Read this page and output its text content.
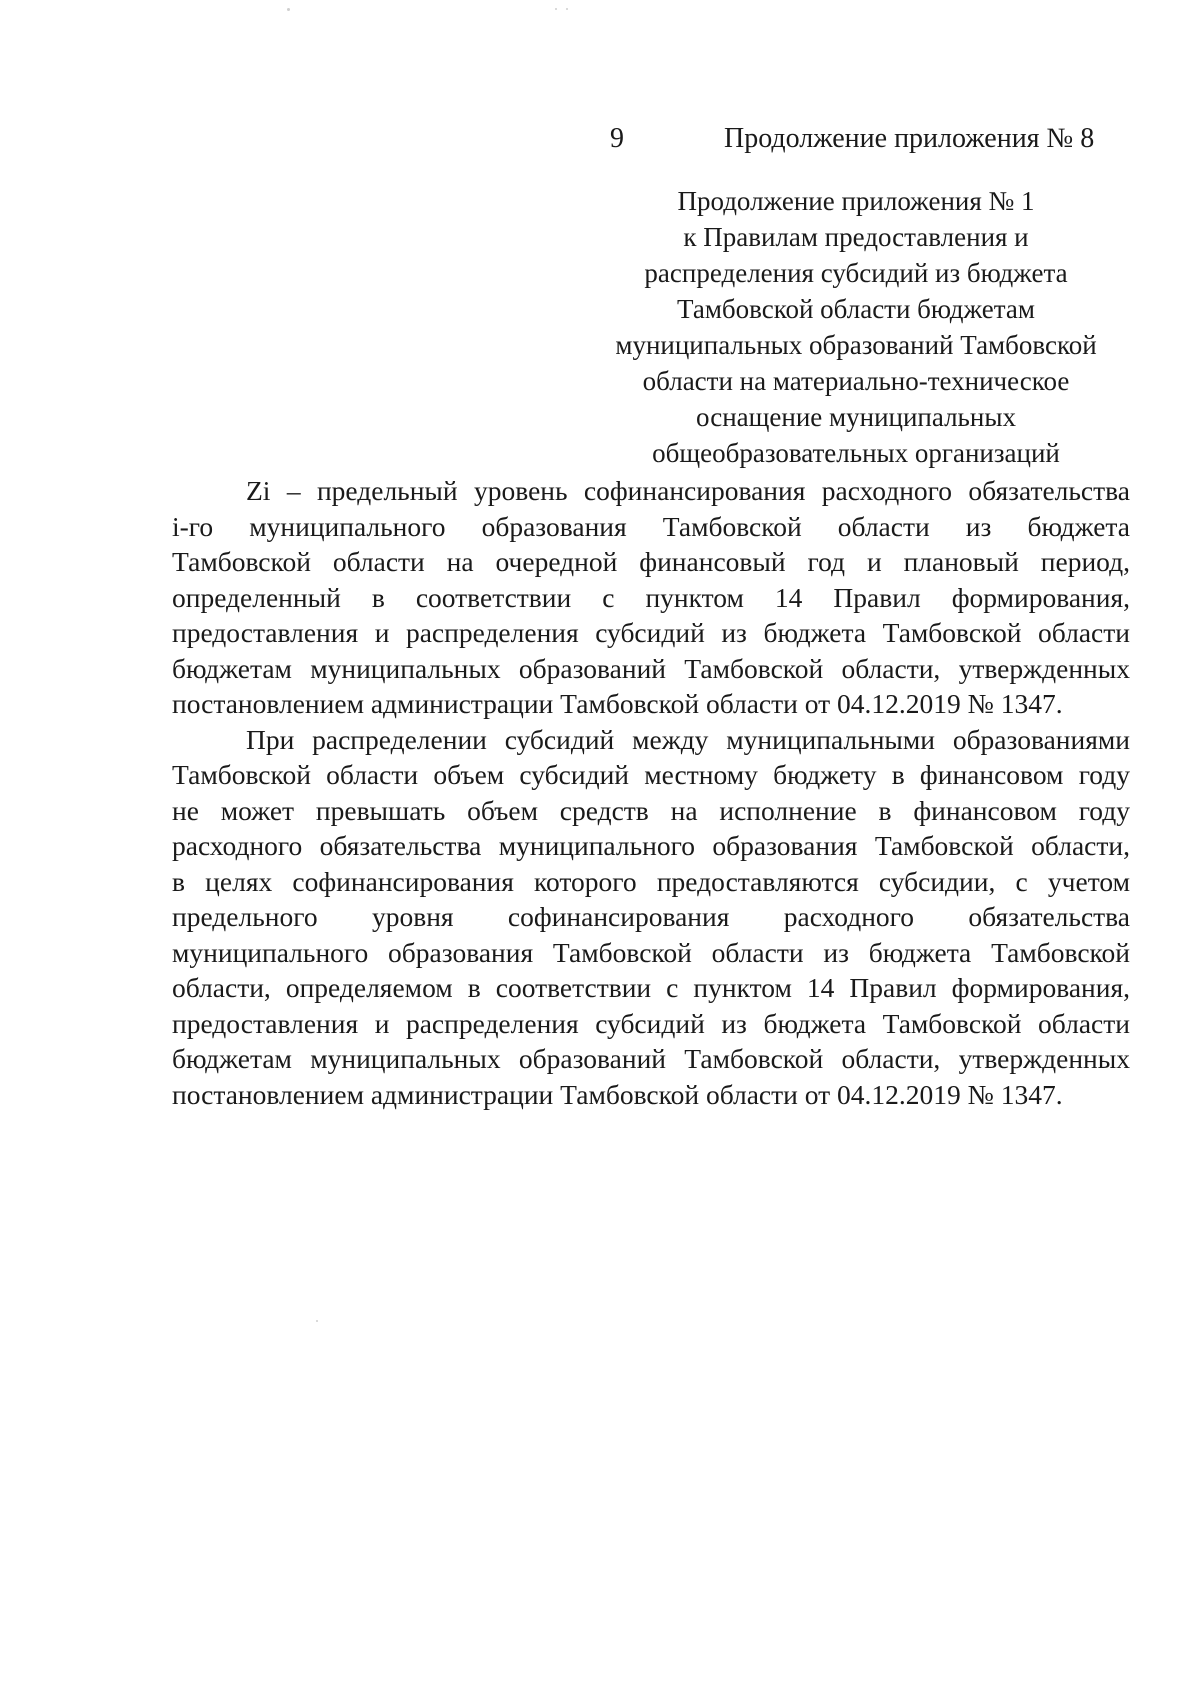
9	Продолжение приложения № 8
Продолжение приложения № 1
к Правилам предоставления и
распределения субсидий из бюджета
Тамбовской области бюджетам
муниципальных образований Тамбовской
области на материально-техническое
оснащение муниципальных
общеобразовательных организаций
Zi – предельный уровень софинансирования расходного обязательства
i-го муниципального образования Тамбовской области из бюджета
Тамбовской области на очередной финансовый год и плановый период,
определенный в соответствии с пунктом 14 Правил формирования,
предоставления и распределения субсидий из бюджета Тамбовской области
бюджетам муниципальных образований Тамбовской области, утвержденных
постановлением администрации Тамбовской области от 04.12.2019 № 1347.
При распределении субсидий между муниципальными образованиями
Тамбовской области объем субсидий местному бюджету в финансовом году
не может превышать объем средств на исполнение в финансовом году
расходного обязательства муниципального образования Тамбовской области,
в целях софинансирования которого предоставляются субсидии, с учетом
предельного уровня софинансирования расходного обязательства
муниципального образования Тамбовской области из бюджета Тамбовской
области, определяемом в соответствии с пунктом 14 Правил формирования,
предоставления и распределения субсидий из бюджета Тамбовской области
бюджетам муниципальных образований Тамбовской области, утвержденных
постановлением администрации Тамбовской области от 04.12.2019 № 1347.
